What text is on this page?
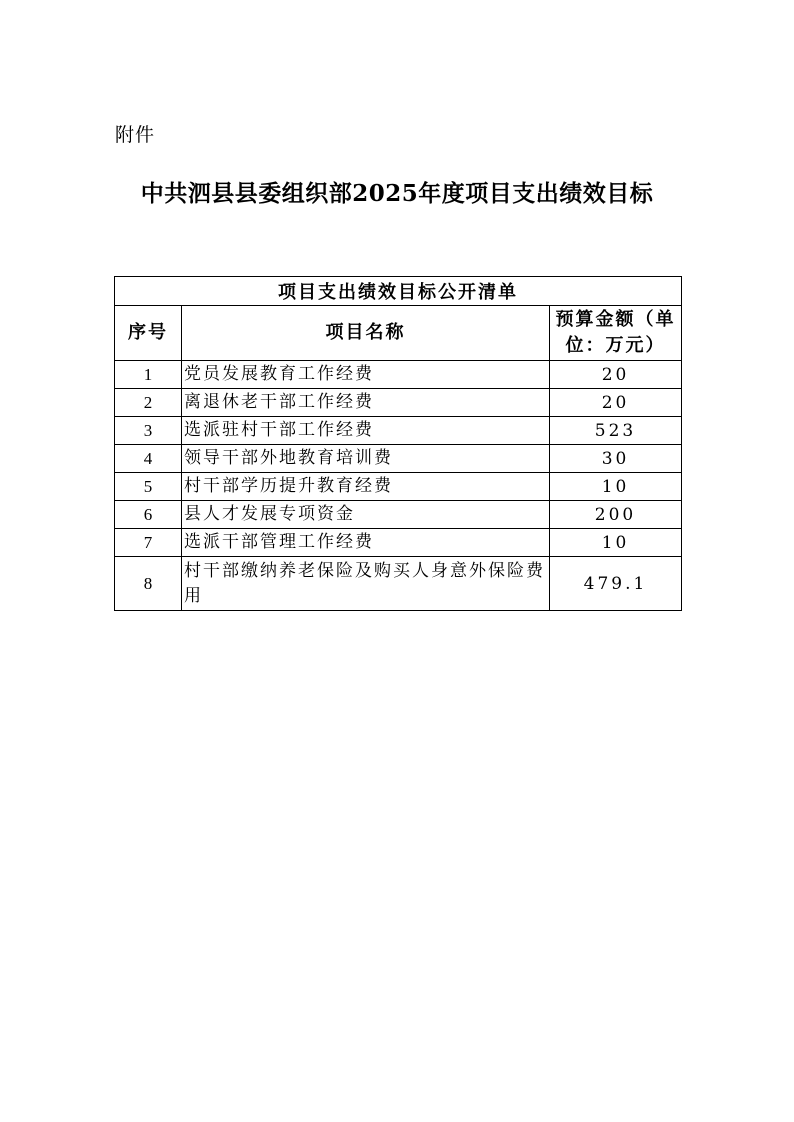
附件
中共泗县县委组织部2025年度项目支出绩效目标
项目支出绩效目标公开清单		
序号	项目名称	预算金额（单位：万元）
1	党员发展教育工作经费	20
2	离退休老干部工作经费	20
3	选派驻村干部工作经费	523
4	领导干部外地教育培训费	30
5	村干部学历提升教育经费	10
6	县人才发展专项资金	200
7	选派干部管理工作经费	10
8	村干部缴纳养老保险及购买人身意外保险费用	479.1
